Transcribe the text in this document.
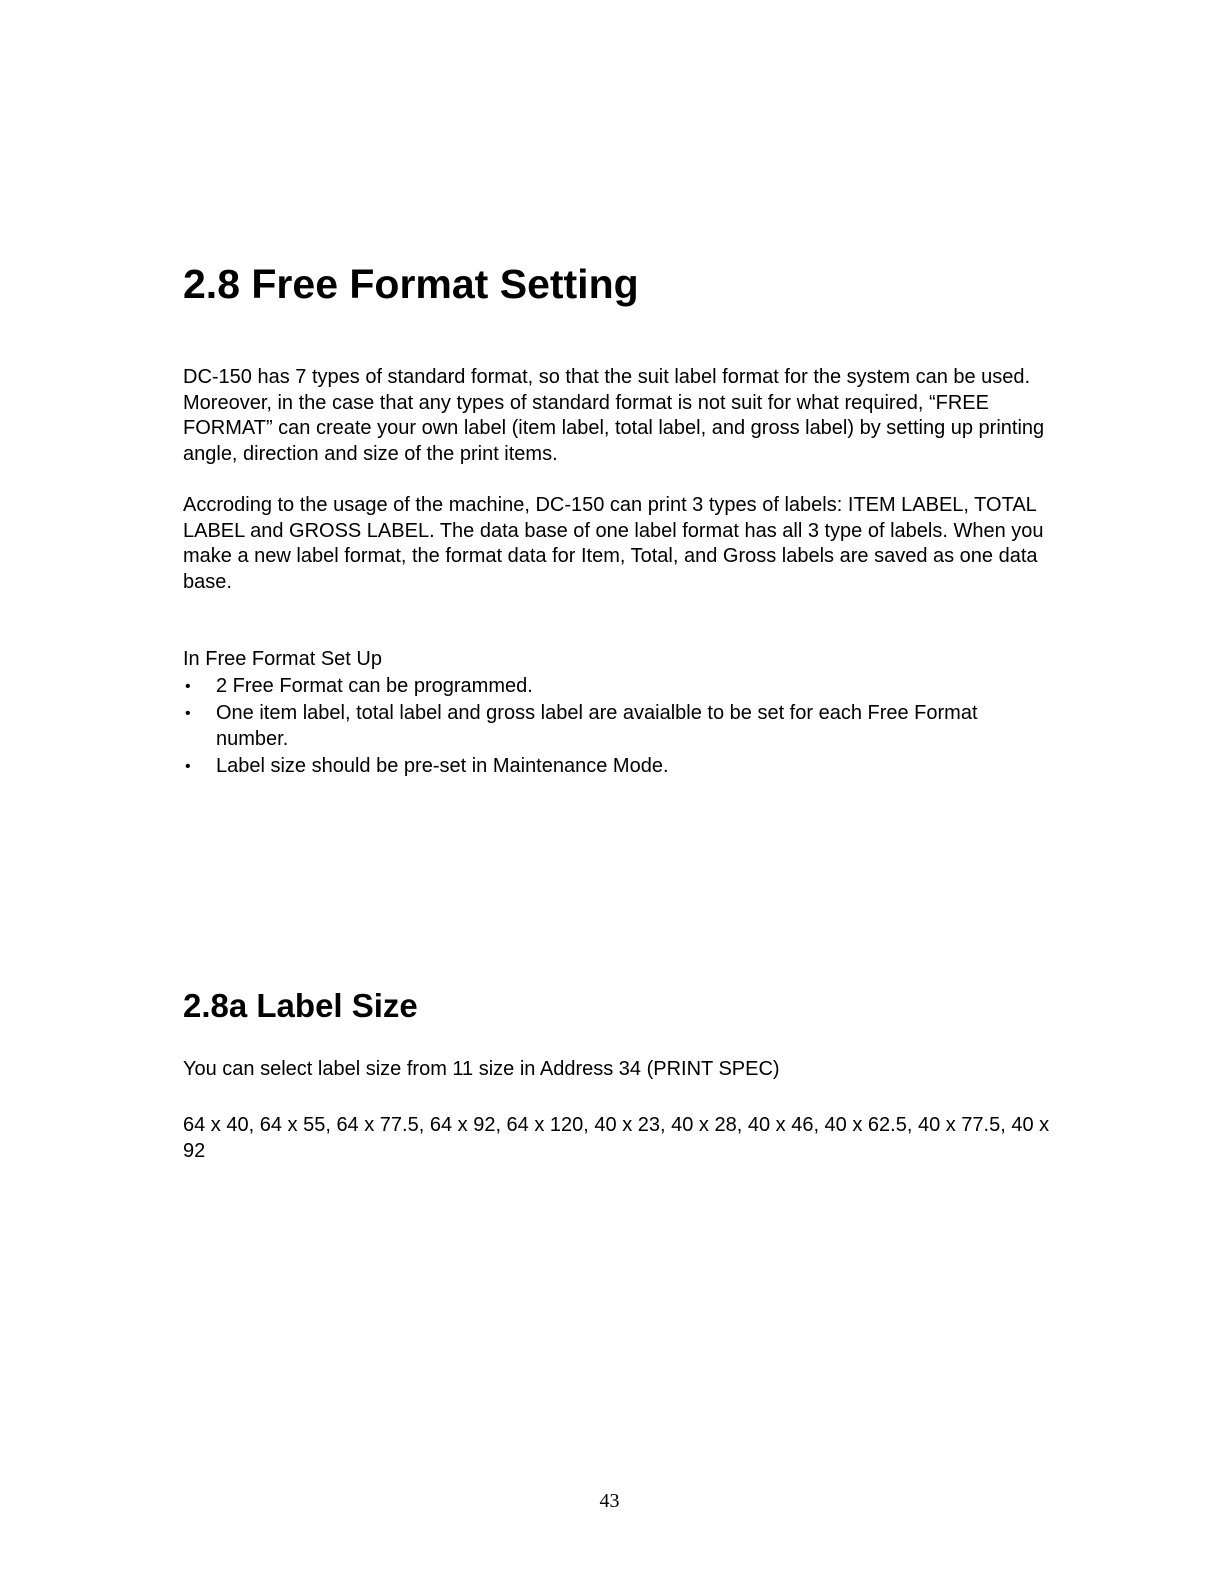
2.8 Free Format Setting

DC-150 has 7 types of standard format, so that the suit label format for the system can be used. Moreover, in the case that any types of standard format is not suit for what required, “FREE FORMAT” can create your own label (item label, total label, and gross label) by setting up printing angle, direction and size of the print items.

Accroding to the usage of the machine, DC-150 can print 3 types of labels: ITEM LABEL, TOTAL LABEL and GROSS LABEL. The data base of one label format has all 3 type of labels. When you make a new label format, the format data for Item, Total, and Gross labels are saved as one data base.

In Free Format Set Up

• 2 Free Format can be programmed.
• One item label, total label and gross label are avaialble to be set for each Free Format number.
• Label size should be pre-set in Maintenance Mode.
2.8a Label Size

You can select label size from 11 size in Address 34 (PRINT SPEC)

64 x 40, 64 x 55, 64 x 77.5, 64 x 92, 64 x 120, 40 x 23, 40 x 28, 40 x 46, 40 x 62.5, 40 x 77.5, 40 x 92

43
